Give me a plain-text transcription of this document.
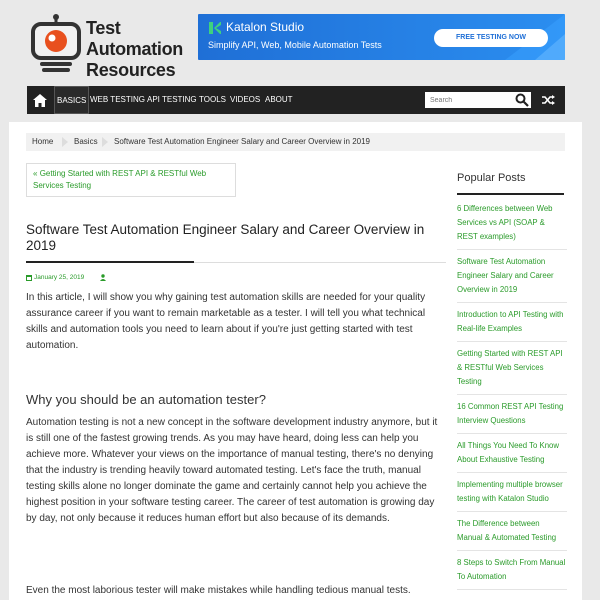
Test
Automation
Resources
Katalon Studio
Simplify API, Web, Mobile Automation Tests
FREE TESTING NOW
BASICS WEB TESTING API TESTING TOOLS VIDEOS ABOUT
Search
Home	Basics Software Test Automation Engineer Salary and Career Overview in 2019
« Getting Started with REST API & RESTful Web Services Testing
Software Test Automation Engineer Salary and Career Overview in 2019
January 25, 2019
In this article, I will show you why gaining test automation skills are needed for your quality assurance career if you want to remain marketable as a tester. I will tell you what technical skills and automation tools you need to learn about if you're just getting started with test automation.
Why you should be an automation tester?
Automation testing is not a new concept in the software development industry anymore, but it is still one of the fastest growing trends. As you may have heard, doing less can help you achieve more. Whatever your views on the importance of manual testing, there's no denying that the industry is trending heavily toward automated testing. Let's face the truth, manual testing skills alone no longer dominate the game and certainly cannot help you achieve the highest position in your software testing career. The career of test automation is growing day by day, not only because it reduces human effort but also because of its demands.
Even the most laborious tester will make mistakes while handling tedious manual tests.
Popular Posts
6 Differences between Web Services vs API (SOAP & REST examples)
Software Test Automation Engineer Salary and Career Overview in 2019
Introduction to API Testing with Real-life Examples
Getting Started with REST API & RESTful Web Services Testing
16 Common REST API Testing Interview Questions
All Things You Need To Know About Exhaustive Testing
Implementing multiple browser testing with Katalon Studio
The Difference between Manual & Automated Testing
8 Steps to Switch From Manual To Automation
